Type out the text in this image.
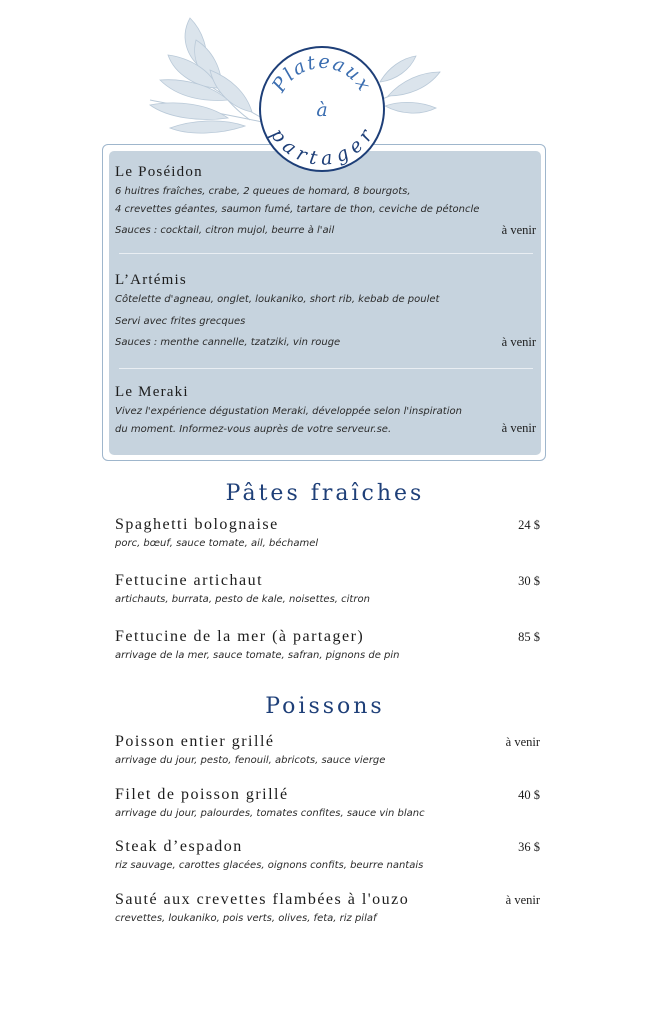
Plateaux
à
partager
Le Poséidon
6 huitres fraîches, crabe, 2 queues de homard, 8 bourgots,
4 crevettes géantes, saumon fumé, tartare de thon, ceviche de pétoncle
Sauces : cocktail, citron mujol, beurre à l'ail	à venir
L’Artémis
Côtelette d'agneau, onglet, loukaniko, short rib, kebab de poulet
Servi avec frites grecques
Sauces : menthe cannelle, tzatziki, vin rouge	à venir
Le Meraki
Vivez l'expérience dégustation Meraki, développée selon l'inspiration
du moment. Informez-vous auprès de votre serveur.se.	à venir
Pâtes fraîches
Spaghetti bolognaise
porc, bœuf, sauce tomate, ail, béchamel
24 $
Fettucine artichaut
artichauts, burrata, pesto de kale, noisettes, citron
30 $
Fettucine de la mer (à partager)
arrivage de la mer, sauce tomate, safran, pignons de pin
85 $
Poissons
Poisson entier grillé
arrivage du jour, pesto, fenouil, abricots, sauce vierge
à venir
Filet de poisson grillé
arrivage du jour, palourdes, tomates confites, sauce vin blanc
40 $
Steak d’espadon
riz sauvage, carottes glacées, oignons confits, beurre nantais
36 $
Sauté aux crevettes flambées à l'ouzo
crevettes, loukaniko, pois verts, olives, feta, riz pilaf
à venir
